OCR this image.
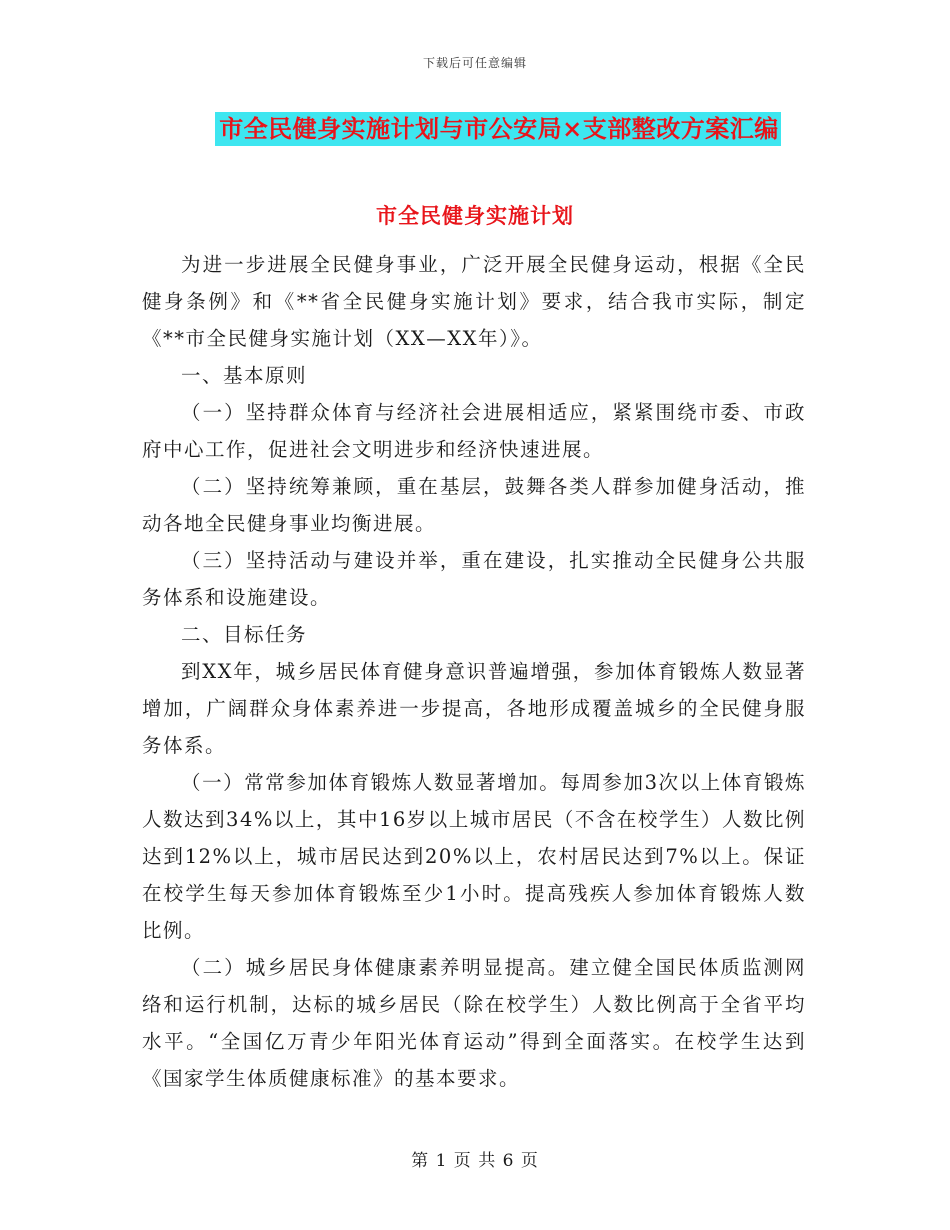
下载后可任意编辑
市全民健身实施计划与市公安局×支部整改方案汇编
市全民健身实施计划

为进一步进展全民健身事业，广泛开展全民健身运动，根据《全民健身条例》和《**省全民健身实施计划》要求，结合我市实际，制定《**市全民健身实施计划（XX—XX年）》。

一、基本原则

（一）坚持群众体育与经济社会进展相适应，紧紧围绕市委、市政府中心工作，促进社会文明进步和经济快速进展。

（二）坚持统筹兼顾，重在基层，鼓舞各类人群参加健身活动，推动各地全民健身事业均衡进展。

（三）坚持活动与建设并举，重在建设，扎实推动全民健身公共服务体系和设施建设。

二、目标任务

到XX年，城乡居民体育健身意识普遍增强，参加体育锻炼人数显著增加，广阔群众身体素养进一步提高，各地形成覆盖城乡的全民健身服务体系。

（一）常常参加体育锻炼人数显著增加。每周参加3次以上体育锻炼人数达到34%以上，其中16岁以上城市居民（不含在校学生）人数比例达到12%以上，城市居民达到20%以上，农村居民达到7%以上。保证在校学生每天参加体育锻炼至少1小时。提高残疾人参加体育锻炼人数比例。

（二）城乡居民身体健康素养明显提高。建立健全国民体质监测网络和运行机制，达标的城乡居民（除在校学生）人数比例高于全省平均水平。“全国亿万青少年阳光体育运动”得到全面落实。在校学生达到《国家学生体质健康标准》的基本要求。

第 1 页 共 6 页
